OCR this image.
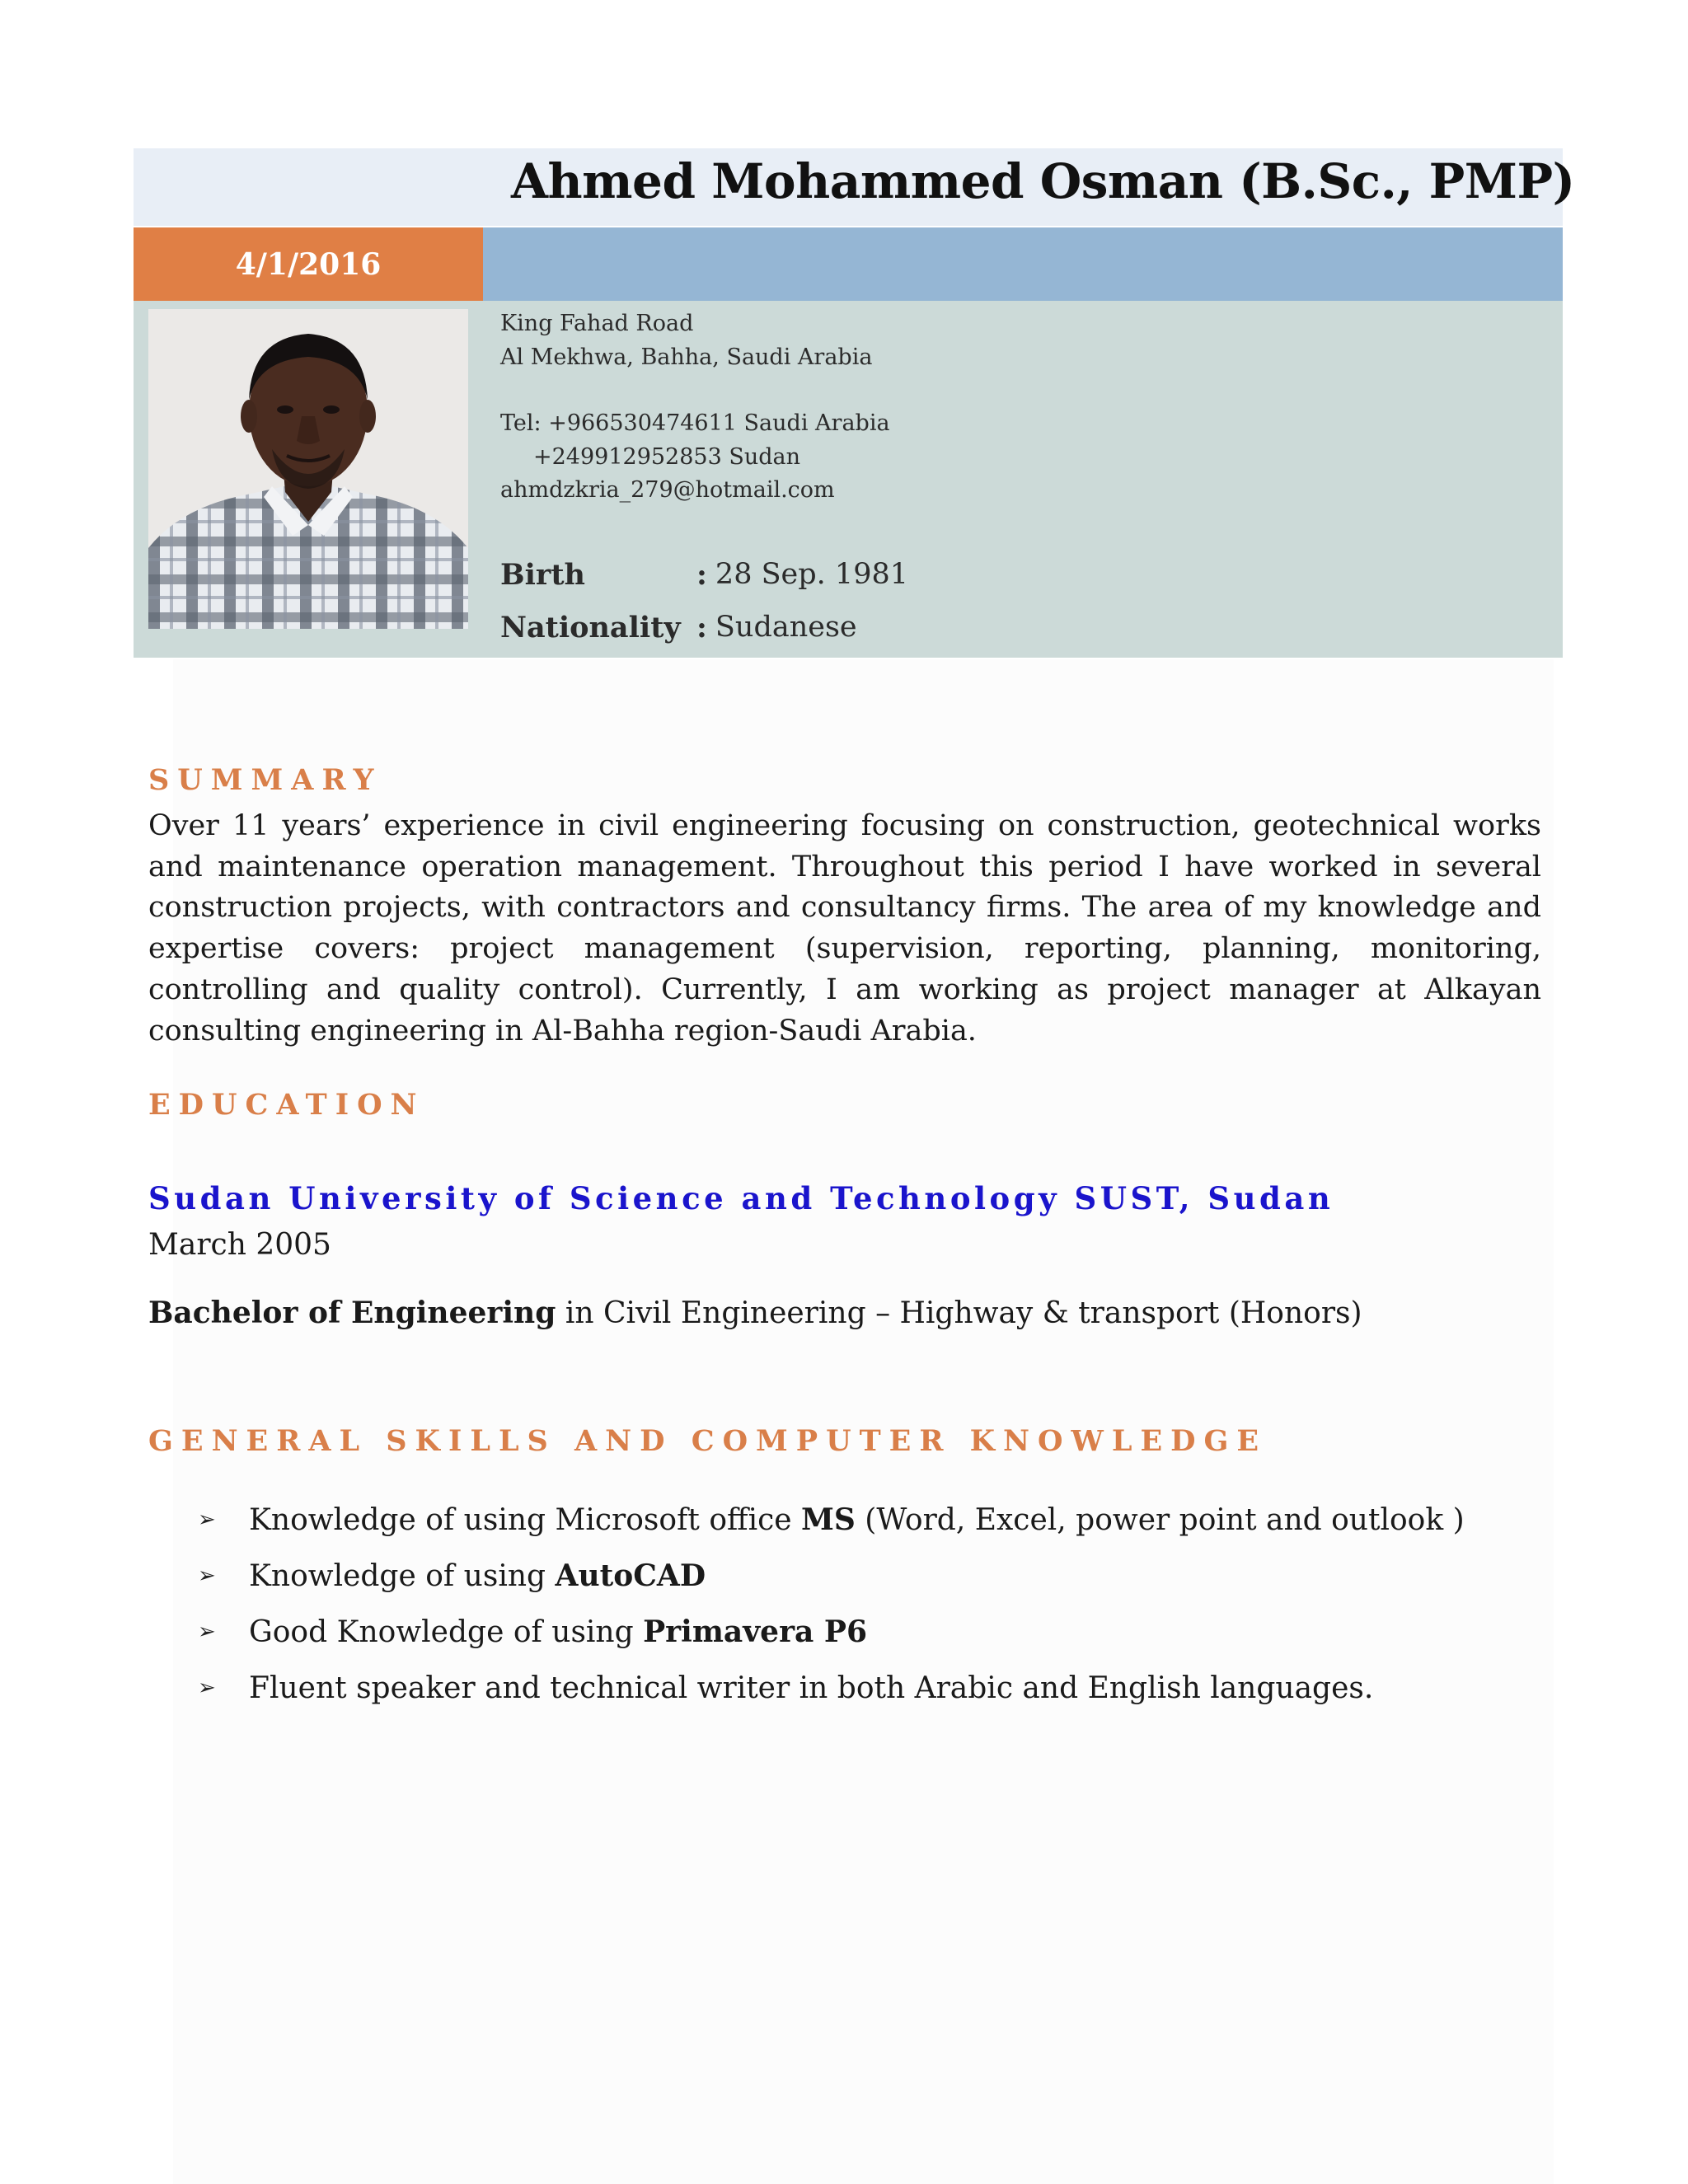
Ahmed Mohammed Osman (B.Sc., PMP)
4/1/2016
King Fahad Road
Al Mekhwa, Bahha, Saudi Arabia
Tel: +966530474611 Saudi Arabia
+249912952853 Sudan
ahmdzkria_279@hotmail.com
Birth	: 28 Sep. 1981
Nationality : Sudanese
SUMMARY
Over 11 years’ experience in civil engineering focusing on construction, geotechnical works and maintenance operation management. Throughout this period I have worked in several construction projects, with contractors and consultancy firms. The area of my knowledge and expertise covers: project management (supervision, reporting, planning, monitoring, controlling and quality control). Currently, I am working as project manager at Alkayan consulting engineering in Al-Bahha region-Saudi Arabia.
EDUCATION
Sudan University of Science and Technology SUST, Sudan
March 2005
Bachelor of Engineering in Civil Engineering – Highway & transport (Honors)
GENERAL SKILLS AND COMPUTER KNOWLEDGE
➢	Knowledge of using Microsoft office MS (Word, Excel, power point and outlook )
➢	Knowledge of using AutoCAD
➢	Good Knowledge of using Primavera P6
➢	Fluent speaker and technical writer in both Arabic and English languages.
